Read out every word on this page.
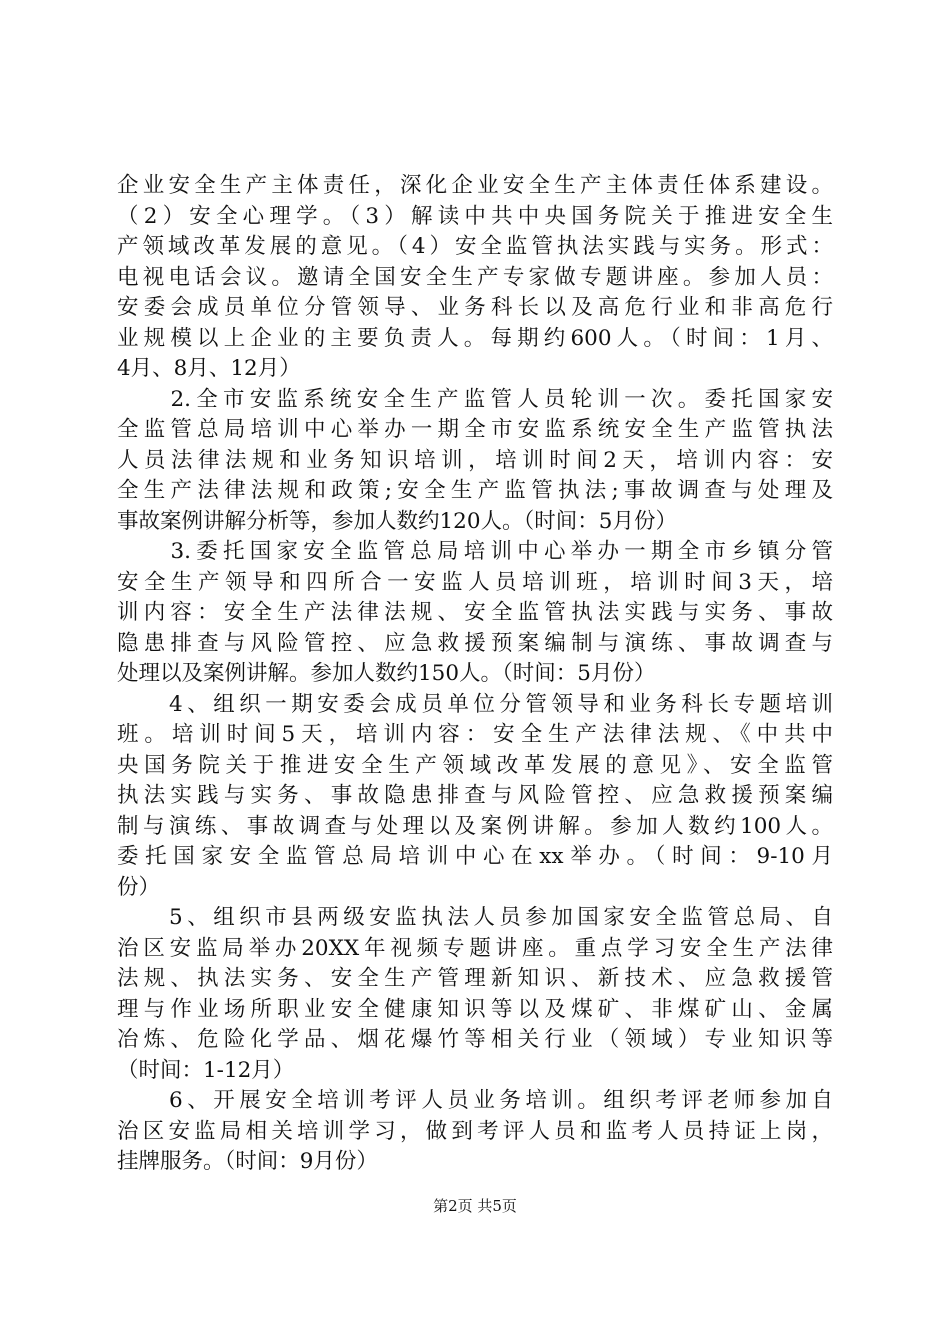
企业安全生产主体责任，深化企业安全生产主体责任体系建设。
（2）安全心理学。（3）解读中共中央国务院关于推进安全生
产领域改革发展的意见。（4）安全监管执法实践与实务。形式：
电视电话会议。邀请全国安全生产专家做专题讲座。参加人员：
安委会成员单位分管领导、业务科长以及高危行业和非高危行
业规模以上企业的主要负责人。每期约600人。（时间：1月、
4月、8月、12月）
　　2.全市安监系统安全生产监管人员轮训一次。委托国家安
全监管总局培训中心举办一期全市安监系统安全生产监管执法
人员法律法规和业务知识培训，培训时间2天，培训内容：安
全生产法律法规和政策;安全生产监管执法;事故调查与处理及
事故案例讲解分析等，参加人数约120人。（时间：5月份）
　　3.委托国家安全监管总局培训中心举办一期全市乡镇分管
安全生产领导和四所合一安监人员培训班，培训时间3天，培
训内容：安全生产法律法规、安全监管执法实践与实务、事故
隐患排查与风险管控、应急救援预案编制与演练、事故调查与
处理以及案例讲解。参加人数约150人。（时间：5月份）
　　4、组织一期安委会成员单位分管领导和业务科长专题培训
班。培训时间5天，培训内容：安全生产法律法规、《中共中
央国务院关于推进安全生产领域改革发展的意见》、安全监管
执法实践与实务、事故隐患排查与风险管控、应急救援预案编
制与演练、事故调查与处理以及案例讲解。参加人数约100人。
委托国家安全监管总局培训中心在xx举办。（时间：9-10月
份）
　　5、组织市县两级安监执法人员参加国家安全监管总局、自
治区安监局举办20XX年视频专题讲座。重点学习安全生产法律
法规、执法实务、安全生产管理新知识、新技术、应急救援管
理与作业场所职业安全健康知识等以及煤矿、非煤矿山、金属
冶炼、危险化学品、烟花爆竹等相关行业（领域）专业知识等
（时间：1-12月）
　　6、开展安全培训考评人员业务培训。组织考评老师参加自
治区安监局相关培训学习，做到考评人员和监考人员持证上岗，
挂牌服务。（时间：9月份）
第2页 共5页
